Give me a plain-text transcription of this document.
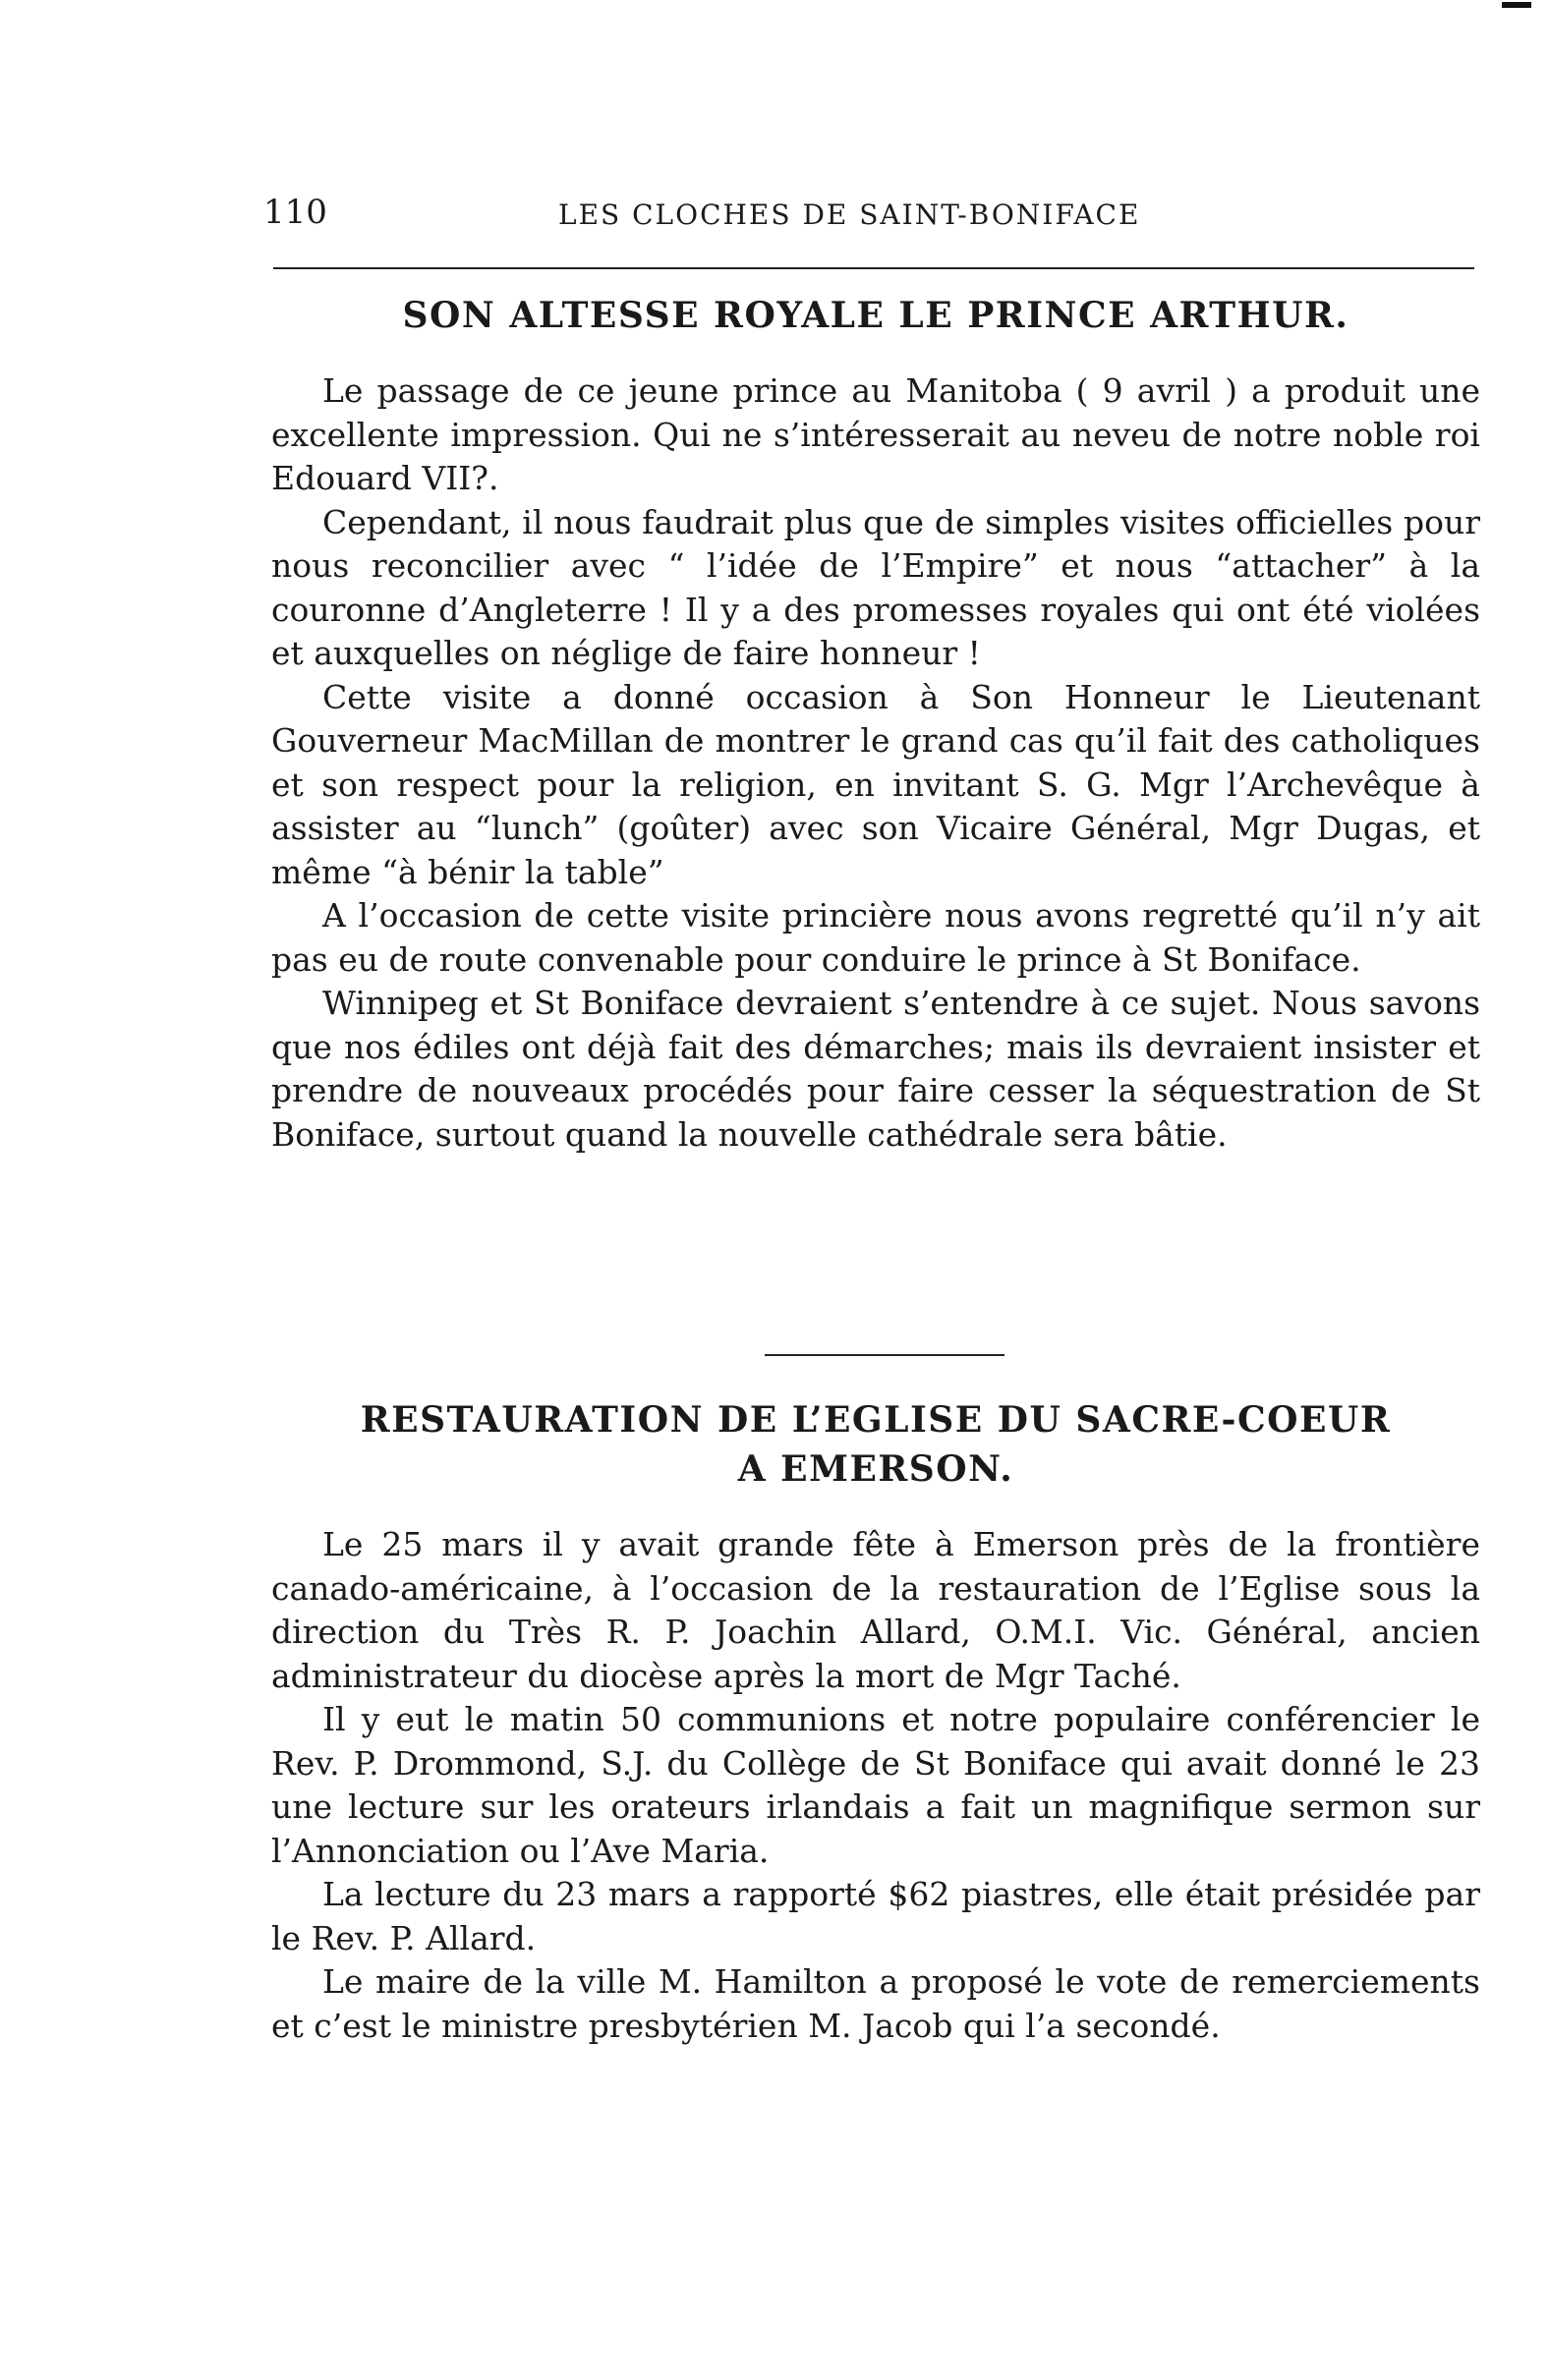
110	LES CLOCHES DE SAINT-BONIFACE
SON ALTESSE ROYALE LE PRINCE ARTHUR.

Le passage de ce jeune prince au Manitoba ( 9 avril ) a produit une excellente impression. Qui ne s’intéresserait au neveu de notre noble roi Edouard VII?.

Cependant, il nous faudrait plus que de simples visites officielles pour nous reconcilier avec “ l’idée de l’Empire” et nous “attacher” à la couronne d’Angleterre ! Il y a des promesses royales qui ont été violées et auxquelles on néglige de faire honneur !

Cette visite a donné occasion à Son Honneur le Lieutenant Gouverneur MacMillan de montrer le grand cas qu’il fait des catholiques et son respect pour la religion, en invitant S. G. Mgr l’Archevêque à assister au “lunch” (goûter) avec son Vicaire Général, Mgr Dugas, et même “à bénir la table”

A l’occasion de cette visite princière nous avons regretté qu’il n’y ait pas eu de route convenable pour conduire le prince à St Boniface.

Winnipeg et St Boniface devraient s’entendre à ce sujet. Nous savons que nos édiles ont déjà fait des démarches; mais ils devraient insister et prendre de nouveaux procédés pour faire cesser la séquestration de St Boniface, surtout quand la nouvelle cathédrale sera bâtie.

RESTAURATION DE L’EGLISE DU SACRE-COEUR
A EMERSON.

Le 25 mars il y avait grande fête à Emerson près de la frontière canado-américaine, à l’occasion de la restauration de l’Eglise sous la direction du Très R. P. Joachin Allard, O.M.I. Vic. Général, ancien administrateur du diocèse après la mort de Mgr Taché.

Il y eut le matin 50 communions et notre populaire conférencier le Rev. P. Drommond, S.J. du Collège de St Boniface qui avait donné le 23 une lecture sur les orateurs irlandais a fait un magnifique sermon sur l’Annonciation ou l’Ave Maria.

La lecture du 23 mars a rapporté $62 piastres, elle était présidée par le Rev. P. Allard.

Le maire de la ville M. Hamilton a proposé le vote de remerciements et c’est le ministre presbytérien M. Jacob qui l’a secondé.
